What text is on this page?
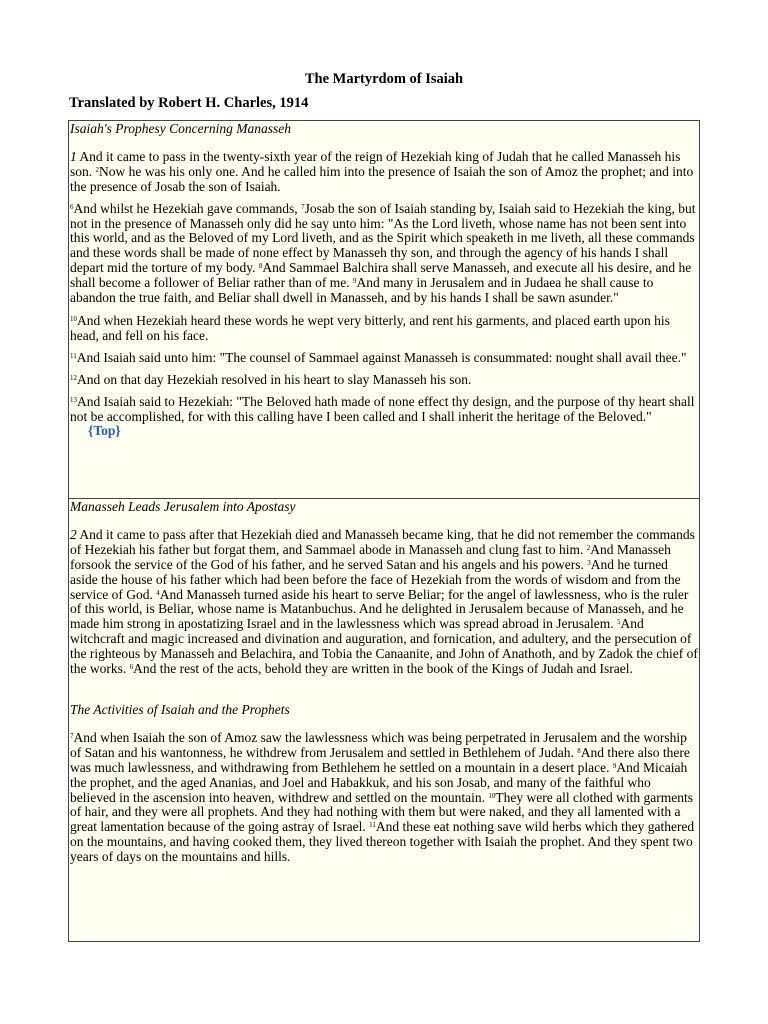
The Martyrdom of Isaiah

Translated by Robert H. Charles, 1914

Isaiah's Prophesy Concerning Manasseh

1 And it came to pass in the twenty-sixth year of the reign of Hezekiah king of Judah that he called Manasseh his son. $^2$Now he was his only one. And he called him into the presence of Isaiah the son of Amoz the prophet; and into the presence of Josab the son of Isaiah.

$^6$And whilst he Hezekiah gave commands, $^7$Josab the son of Isaiah standing by, Isaiah said to Hezekiah the king, but not in the presence of Manasseh only did he say unto him: "As the Lord liveth, whose name has not been sent into this world, and as the Beloved of my Lord liveth, and as the Spirit which speaketh in me liveth, all these commands and these words shall be made of none effect by Manasseh thy son, and through the agency of his hands I shall depart mid the torture of my body. $^8$And Sammael Balchira shall serve Manasseh, and execute all his desire, and he shall become a follower of Beliar rather than of me. $^9$And many in Jerusalem and in Judaea he shall cause to abandon the true faith, and Beliar shall dwell in Manasseh, and by his hands I shall be sawn asunder."

$^{10}$And when Hezekiah heard these words he wept very bitterly, and rent his garments, and placed earth upon his head, and fell on his face.

$^{11}$And Isaiah said unto him: "The counsel of Sammael against Manasseh is consummated: nought shall avail thee."

$^{12}$And on that day Hezekiah resolved in his heart to slay Manasseh his son.

$^{13}$And Isaiah said to Hezekiah: "The Beloved hath made of none effect thy design, and the purpose of thy heart shall not be accomplished, for with this calling have I been called and I shall inherit the heritage of the Beloved."{Top}

Manasseh Leads Jerusalem into Apostasy

2 And it came to pass after that Hezekiah died and Manasseh became king, that he did not remember the commands of Hezekiah his father but forgat them, and Sammael abode in Manasseh and clung fast to him. $^2$And Manasseh forsook the service of the God of his father, and he served Satan and his angels and his powers. $^3$And he turned aside the house of his father which had been before the face of Hezekiah from the words of wisdom and from the service of God. $^4$And Manasseh turned aside his heart to serve Beliar; for the angel of lawlessness, who is the ruler of this world, is Beliar, whose name is Matanbuchus. And he delighted in Jerusalem because of Manasseh, and he made him strong in apostatizing Israel and in the lawlessness which was spread abroad in Jerusalem. $^5$And witchcraft and magic increased and divination and auguration, and fornication, and adultery, and the persecution of the righteous by Manasseh and Belachira, and Tobia the Canaanite, and John of Anathoth, and by Zadok the chief of the works. $^6$And the rest of the acts, behold they are written in the book of the Kings of Judah and Israel.

The Activities of Isaiah and the Prophets

$^7$And when Isaiah the son of Amoz saw the lawlessness which was being perpetrated in Jerusalem and the worship of Satan and his wantonness, he withdrew from Jerusalem and settled in Bethlehem of Judah. $^8$And there also there was much lawlessness, and withdrawing from Bethlehem he settled on a mountain in a desert place. $^9$And Micaiah the prophet, and the aged Ananias, and Joel and Habakkuk, and his son Josab, and many of the faithful who believed in the ascension into heaven, withdrew and settled on the mountain. $^{10}$They were all clothed with garments of hair, and they were all prophets. And they had nothing with them but were naked, and they all lamented with a great lamentation because of the going astray of Israel. $^{11}$And these eat nothing save wild herbs which they gathered on the mountains, and having cooked them, they lived thereon together with Isaiah the prophet. And they spent two years of days on the mountains and hills.
